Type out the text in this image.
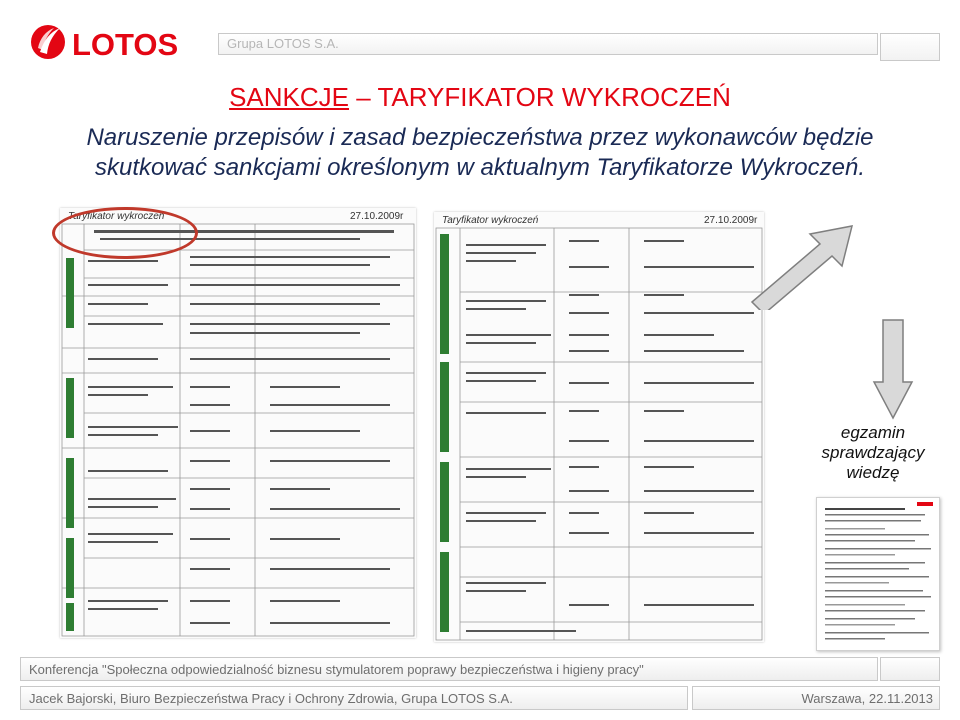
LOTOS	Grupa LOTOS S.A.
SANKCJE – TARYFIKATOR WYKROCZEŃ
Naruszenie przepisów i zasad bezpieczeństwa przez wykonawców będzie
skutkować sankcjami określonym w aktualnym Taryfikatorze Wykroczeń.
Taryfikator wykroczeń	27.10.2009r	Taryfikator wykroczeń	27.10.2009r
egzamin
sprawdzający
wiedzę
Konferencja "Społeczna odpowiedzialność biznesu stymulatorem poprawy bezpieczeństwa i higieny pracy"
Jacek Bajorski, Biuro Bezpieczeństwa Pracy i Ochrony Zdrowia, Grupa LOTOS S.A.	Warszawa, 22.11.2013
